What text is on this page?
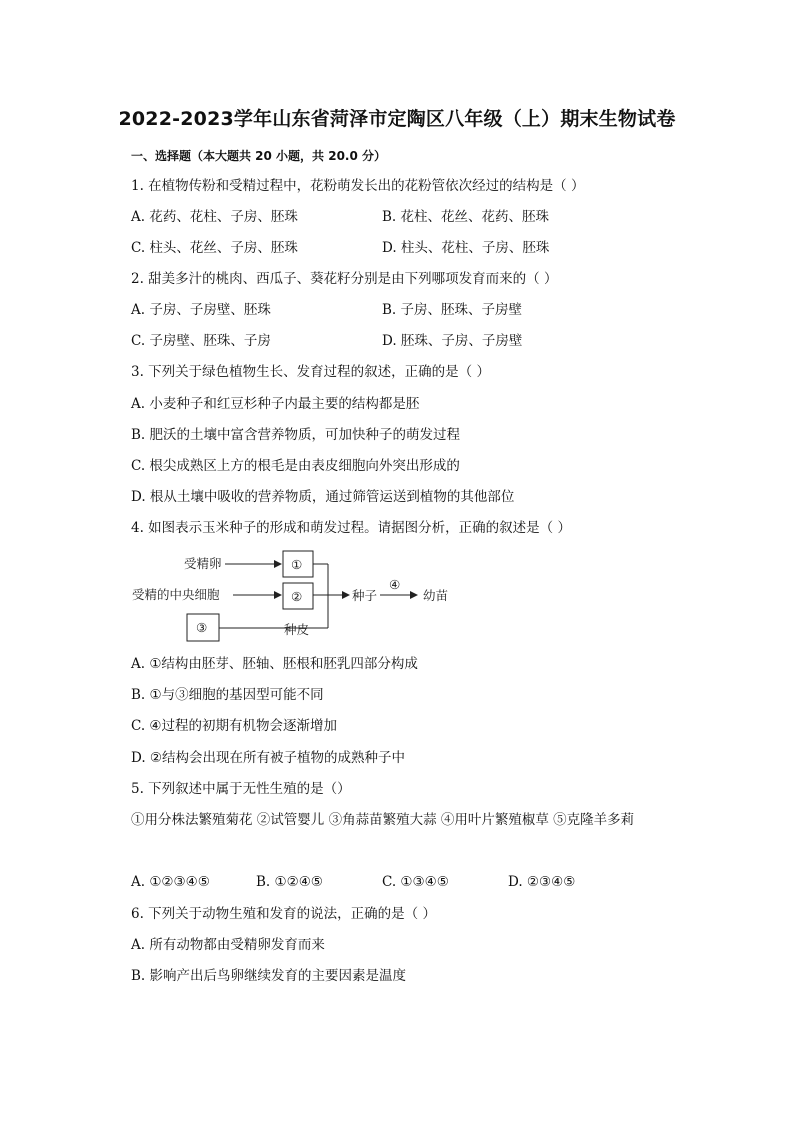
2022-2023学年山东省菏泽市定陶区八年级（上）期末生物试卷
一、选择题（本大题共 20 小题，共 20.0 分）
1. 在植物传粉和受精过程中，花粉萌发长出的花粉管依次经过的结构是（ ）
A. 花药、花柱、子房、胚珠	B. 花柱、花丝、花药、胚珠
C. 柱头、花丝、子房、胚珠	D. 柱头、花柱、子房、胚珠
2. 甜美多汁的桃肉、西瓜子、葵花籽分别是由下列哪项发育而来的（ ）
A. 子房、子房壁、胚珠	B. 子房、胚珠、子房壁
C. 子房壁、胚珠、子房	D. 胚珠、子房、子房壁
3. 下列关于绿色植物生长、发育过程的叙述，正确的是（ ）
A. 小麦种子和红豆杉种子内最主要的结构都是胚
B. 肥沃的土壤中富含营养物质，可加快种子的萌发过程
C. 根尖成熟区上方的根毛是由表皮细胞向外突出形成的
D. 根从土壤中吸收的营养物质，通过筛管运送到植物的其他部位
4. 如图表示玉米种子的形成和萌发过程。请据图分析，正确的叙述是（ ）
受精卵
受精的中央细胞
①
②
③	种皮
种子
④
幼苗
A. ①结构由胚芽、胚轴、胚根和胚乳四部分构成
B. ①与③细胞的基因型可能不同
C. ④过程的初期有机物会逐渐增加
D. ②结构会出现在所有被子植物的成熟种子中
5. 下列叙述中属于无性生殖的是（）
①用分株法繁殖菊花 ②试管婴儿 ③角蒜苗繁殖大蒜 ④用叶片繁殖椒草 ⑤克隆羊多莉
A. ①②③④⑤	B. ①②④⑤	C. ①③④⑤	D. ②③④⑤
6. 下列关于动物生殖和发育的说法，正确的是（ ）
A. 所有动物都由受精卵发育而来
B. 影响产出后鸟卵继续发育的主要因素是温度
